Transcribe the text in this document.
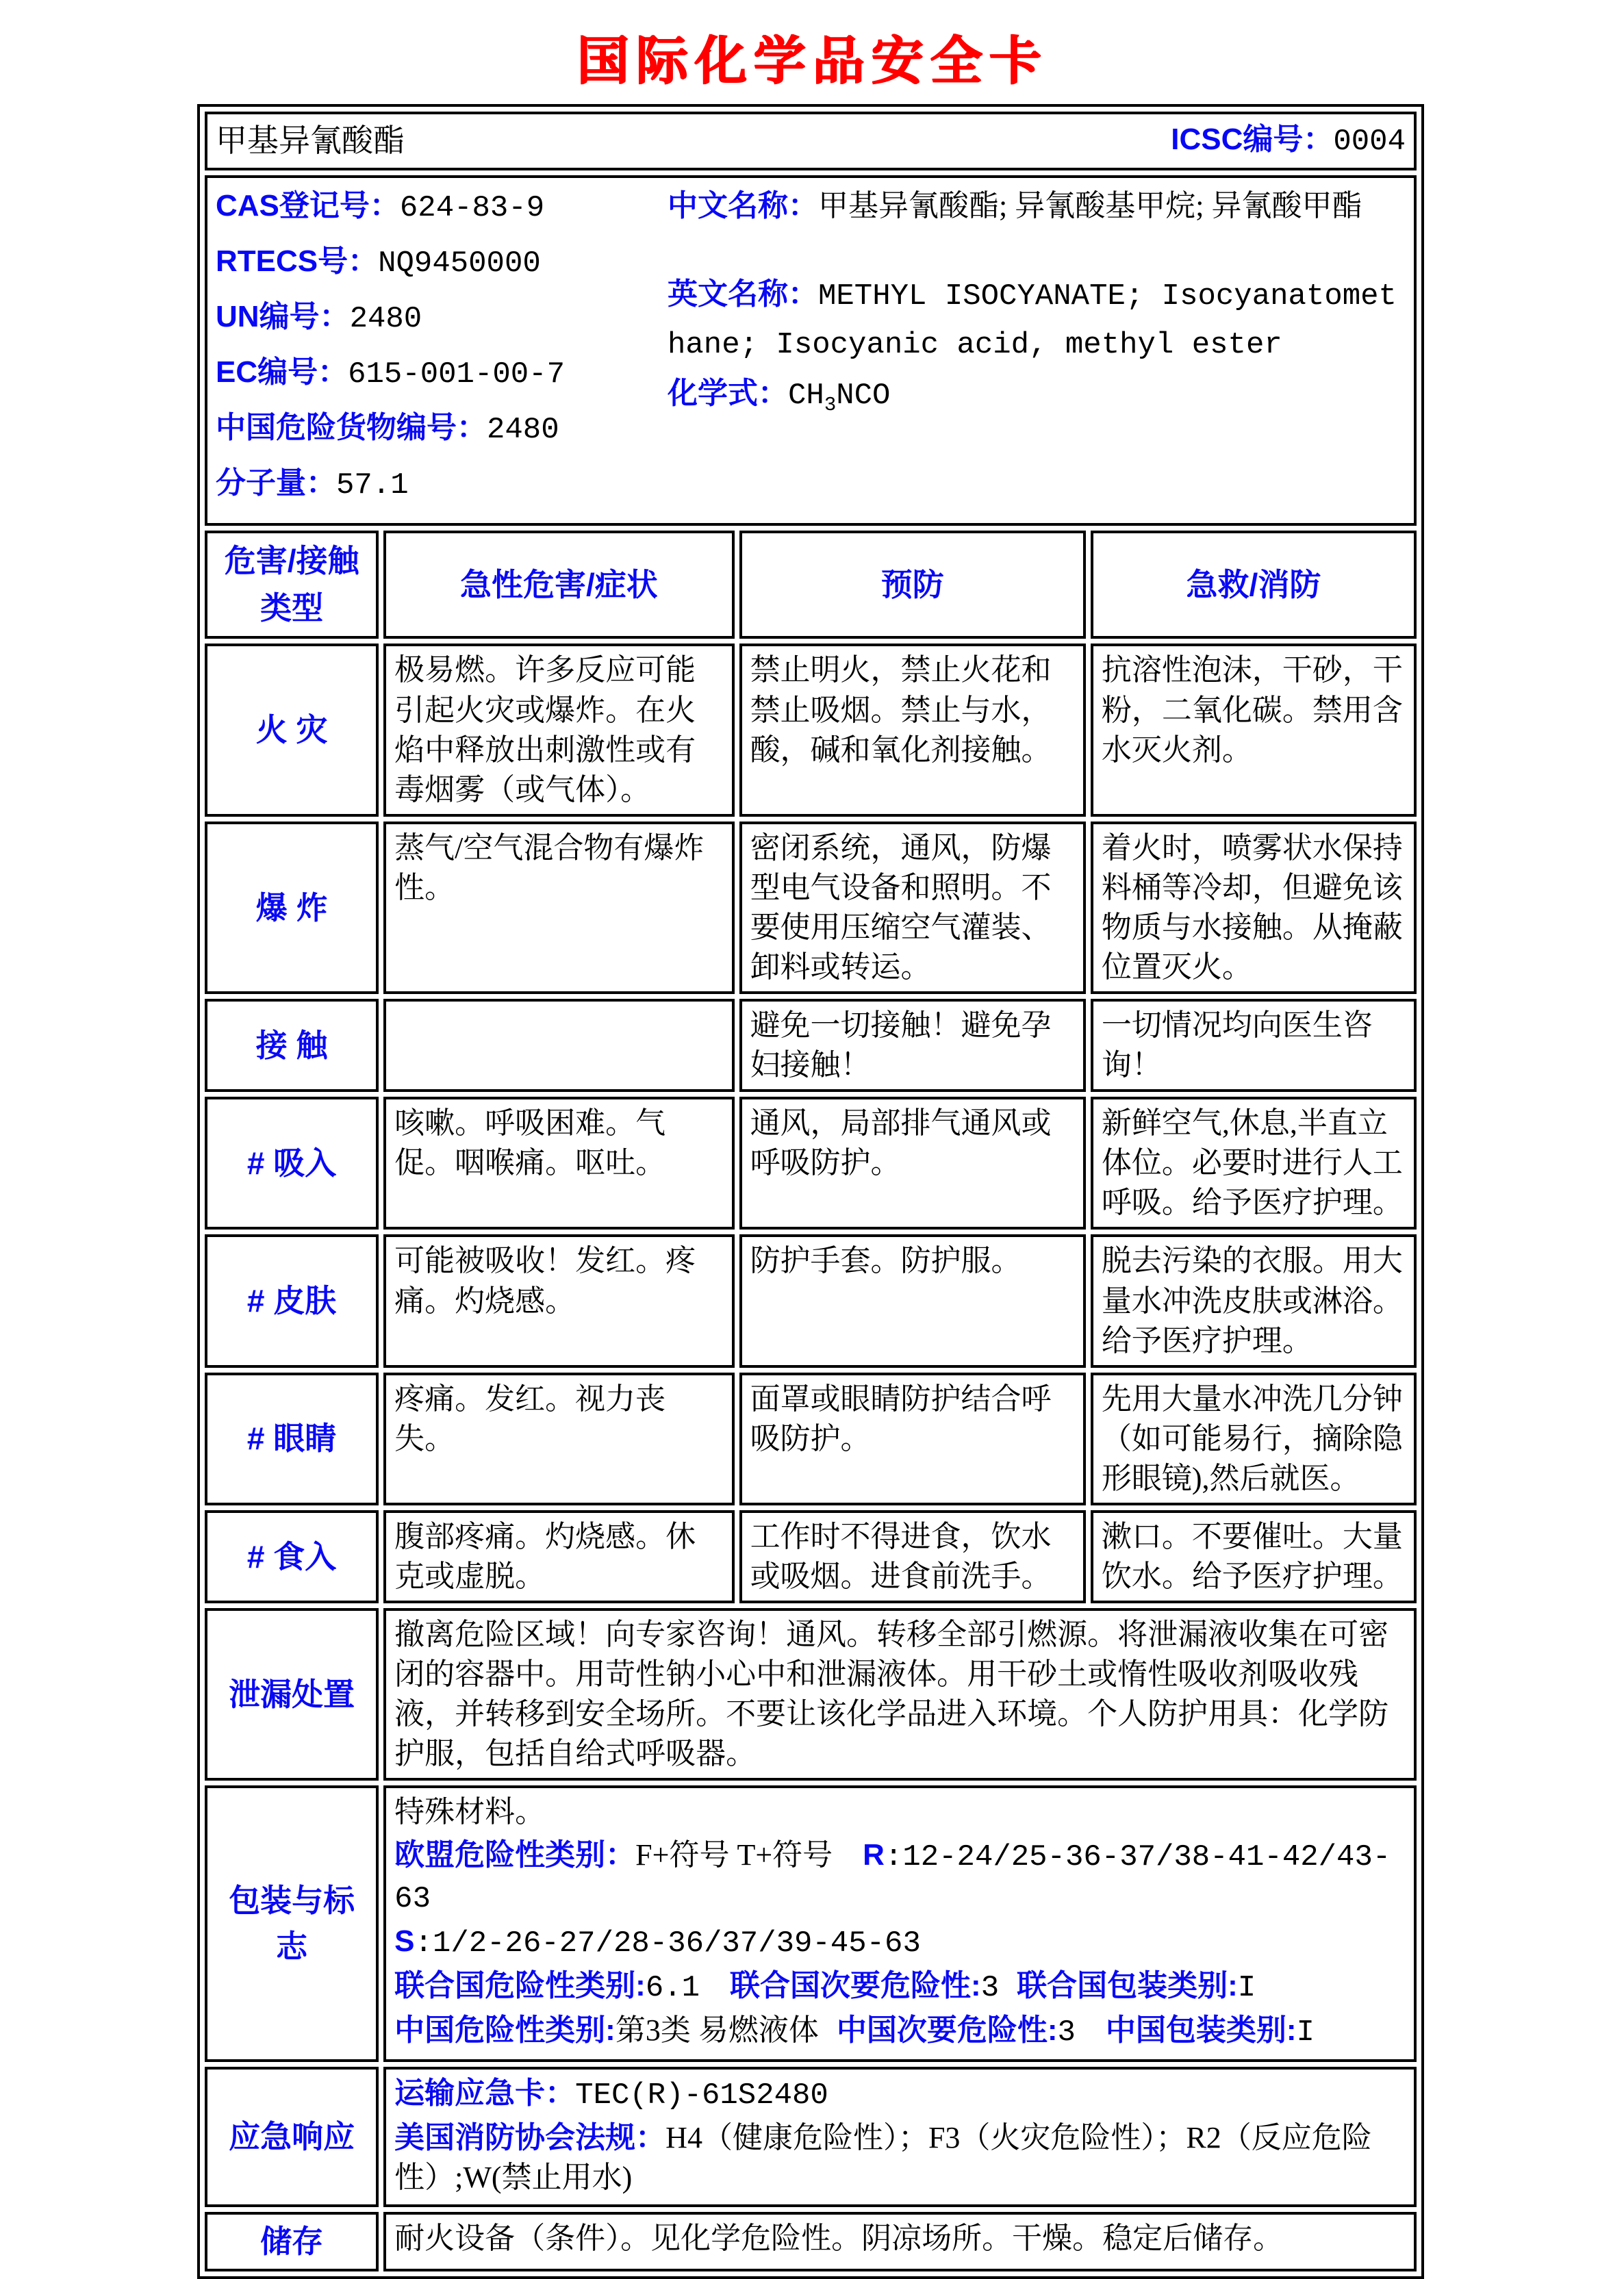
国际化学品安全卡
甲基异氰酸酯 ICSC编号：0004			

CAS登记号：624-83-9
RTECS号：NQ9450000
UN编号：2480
EC编号：615-001-00-7
中国危险货物编号：2480
分子量：57.1
中文名称：甲基异氰酸酯; 异氰酸基甲烷; 异氰酸甲酯
英文名称：METHYL ISOCYANATE; Isocyanatomethane; Isocyanic acid, methyl ester
化学式：$CH_3NCO$

危害/接触 类型	急性危害/症状	预防	急救/消防
火 灾	极易燃。许多反应可能引起火灾或爆炸。在火焰中释放出刺激性或有毒烟雾（或气体）。	禁止明火，禁止火花和禁止吸烟。禁止与水，酸，碱和氧化剂接触。	抗溶性泡沫，干砂，干粉，二氧化碳。禁用含水灭火剂。
爆 炸	蒸气/空气混合物有爆炸性。	密闭系统，通风，防爆型电气设备和照明。不要使用压缩空气灌装、卸料或转运。	着火时，喷雾状水保持料桶等冷却，但避免该物质与水接触。从掩蔽位置灭火。
接 触		避免一切接触！避免孕妇接触！	一切情况均向医生咨询！
# 吸入	咳嗽。呼吸困难。气促。咽喉痛。呕吐。	通风，局部排气通风或呼吸防护。	新鲜空气,休息,半直立体位。必要时进行人工呼吸。给予医疗护理。
# 皮肤	可能被吸收！发红。疼痛。灼烧感。	防护手套。防护服。	脱去污染的衣服。用大量水冲洗皮肤或淋浴。给予医疗护理。
# 眼睛	疼痛。发红。视力丧失。	面罩或眼睛防护结合呼吸防护。	先用大量水冲洗几分钟（如可能易行，摘除隐形眼镜),然后就医。
# 食入	腹部疼痛。灼烧感。休克或虚脱。	工作时不得进食，饮水或吸烟。进食前洗手。	漱口。不要催吐。大量饮水。给予医疗护理。
泄漏处置	撤离危险区域！向专家咨询！通风。转移全部引燃源。将泄漏液收集在可密闭的容器中。用苛性钠小心中和泄漏液体。用干砂土或惰性吸收剂吸收残液，并转移到安全场所。不要让该化学品进入环境。个人防护用具：化学防护服，包括自给式呼吸器。		
包装与标志	特殊材料。
欧盟危险性类别：F+符号 T+符号 R:12-24/25-36-37/38-41-42/43-63
S:1/2-26-27/28-36/37/39-45-63
联合国危险性类别:6.1 联合国次要危险性:3 联合国包装类别:I
中国危险性类别:第3类 易燃液体 中国次要危险性:3 中国包装类别:I		

应急响应	运输应急卡：TEC(R)-61S2480
美国消防协会法规：H4（健康危险性）；F3（火灾危险性）；R2（反应危险性）;W(禁止用水)		

储存	耐火设备（条件）。见化学危险性。阴凉场所。干燥。稳定后储存。		
